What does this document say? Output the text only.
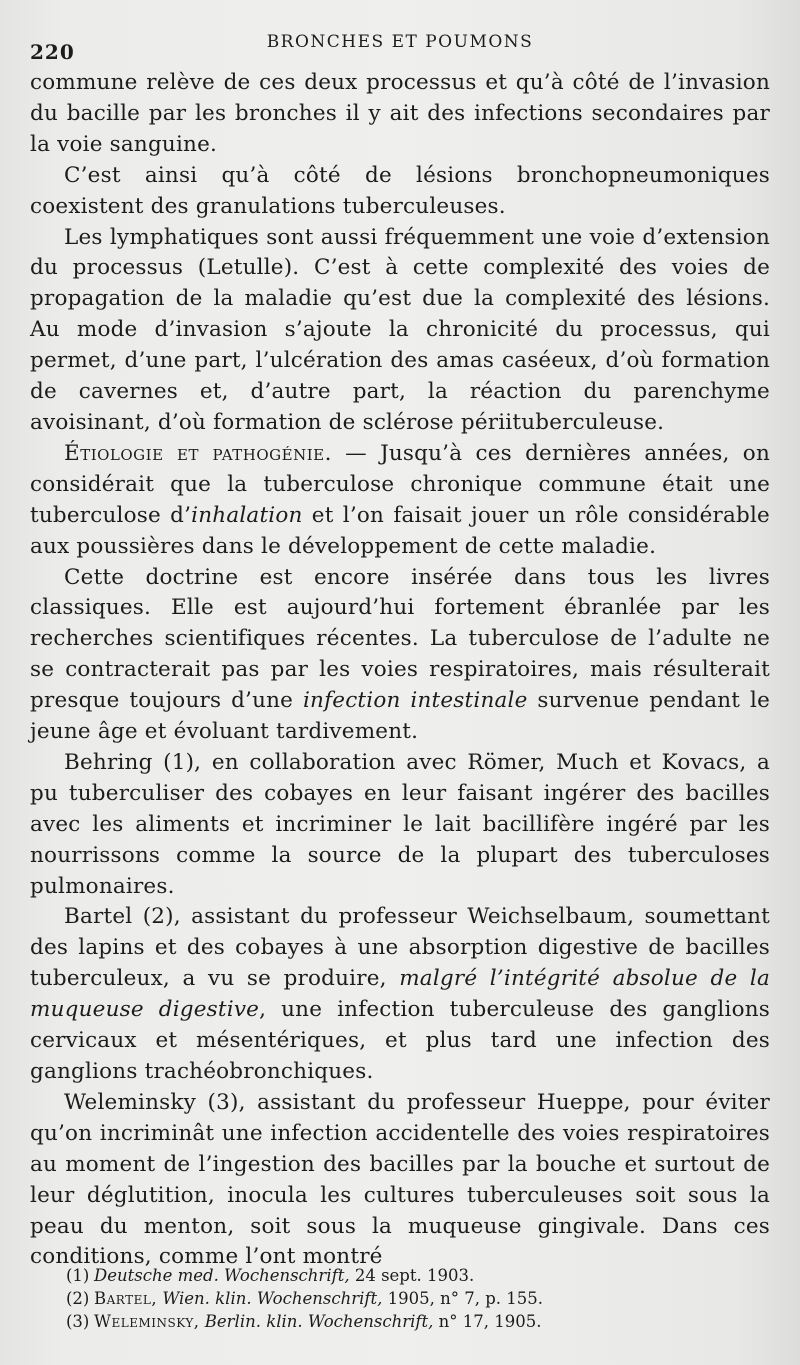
220	BRONCHES ET POUMONS

commune relève de ces deux processus et qu’à côté de l’invasion du bacille par les bronches il y ait des infections secondaires par la voie sanguine.

C’est ainsi qu’à côté de lésions bronchopneumoniques coexistent des granulations tuberculeuses.

Les lymphatiques sont aussi fréquemment une voie d’extension du processus (Letulle). C’est à cette complexité des voies de propagation de la maladie qu’est due la complexité des lésions. Au mode d’invasion s’ajoute la chronicité du processus, qui permet, d’une part, l’ulcération des amas caséeux, d’où formation de cavernes et, d’autre part, la réaction du parenchyme avoisinant, d’où formation de sclérose périituberculeuse.

Étiologie et pathogénie. — Jusqu’à ces dernières années, on considérait que la tuberculose chronique commune était une tuberculose d’inhalation et l’on faisait jouer un rôle considérable aux poussières dans le développement de cette maladie.

Cette doctrine est encore insérée dans tous les livres classiques. Elle est aujourd’hui fortement ébranlée par les recherches scientifiques récentes. La tuberculose de l’adulte ne se contracterait pas par les voies respiratoires, mais résulterait presque toujours d’une infection intestinale survenue pendant le jeune âge et évoluant tardivement.

Behring (1), en collaboration avec Römer, Much et Kovacs, a pu tuberculiser des cobayes en leur faisant ingérer des bacilles avec les aliments et incriminer le lait bacillifère ingéré par les nourrissons comme la source de la plupart des tuberculoses pulmonaires.

Bartel (2), assistant du professeur Weichselbaum, soumettant des lapins et des cobayes à une absorption digestive de bacilles tuberculeux, a vu se produire, malgré l’intégrité absolue de la muqueuse digestive, une infection tuberculeuse des ganglions cervicaux et mésentériques, et plus tard une infection des ganglions trachéobronchiques.

Weleminsky (3), assistant du professeur Hueppe, pour éviter qu’on incriminât une infection accidentelle des voies respiratoires au moment de l’ingestion des bacilles par la bouche et surtout de leur déglutition, inocula les cultures tuberculeuses soit sous la peau du menton, soit sous la muqueuse gingivale. Dans ces conditions, comme l’ont montré

(1) Deutsche med. Wochenschrift, 24 sept. 1903.
(2) Bartel, Wien. klin. Wochenschrift, 1905, n° 7, p. 155.
(3) Weleminsky, Berlin. klin. Wochenschrift, n° 17, 1905.
